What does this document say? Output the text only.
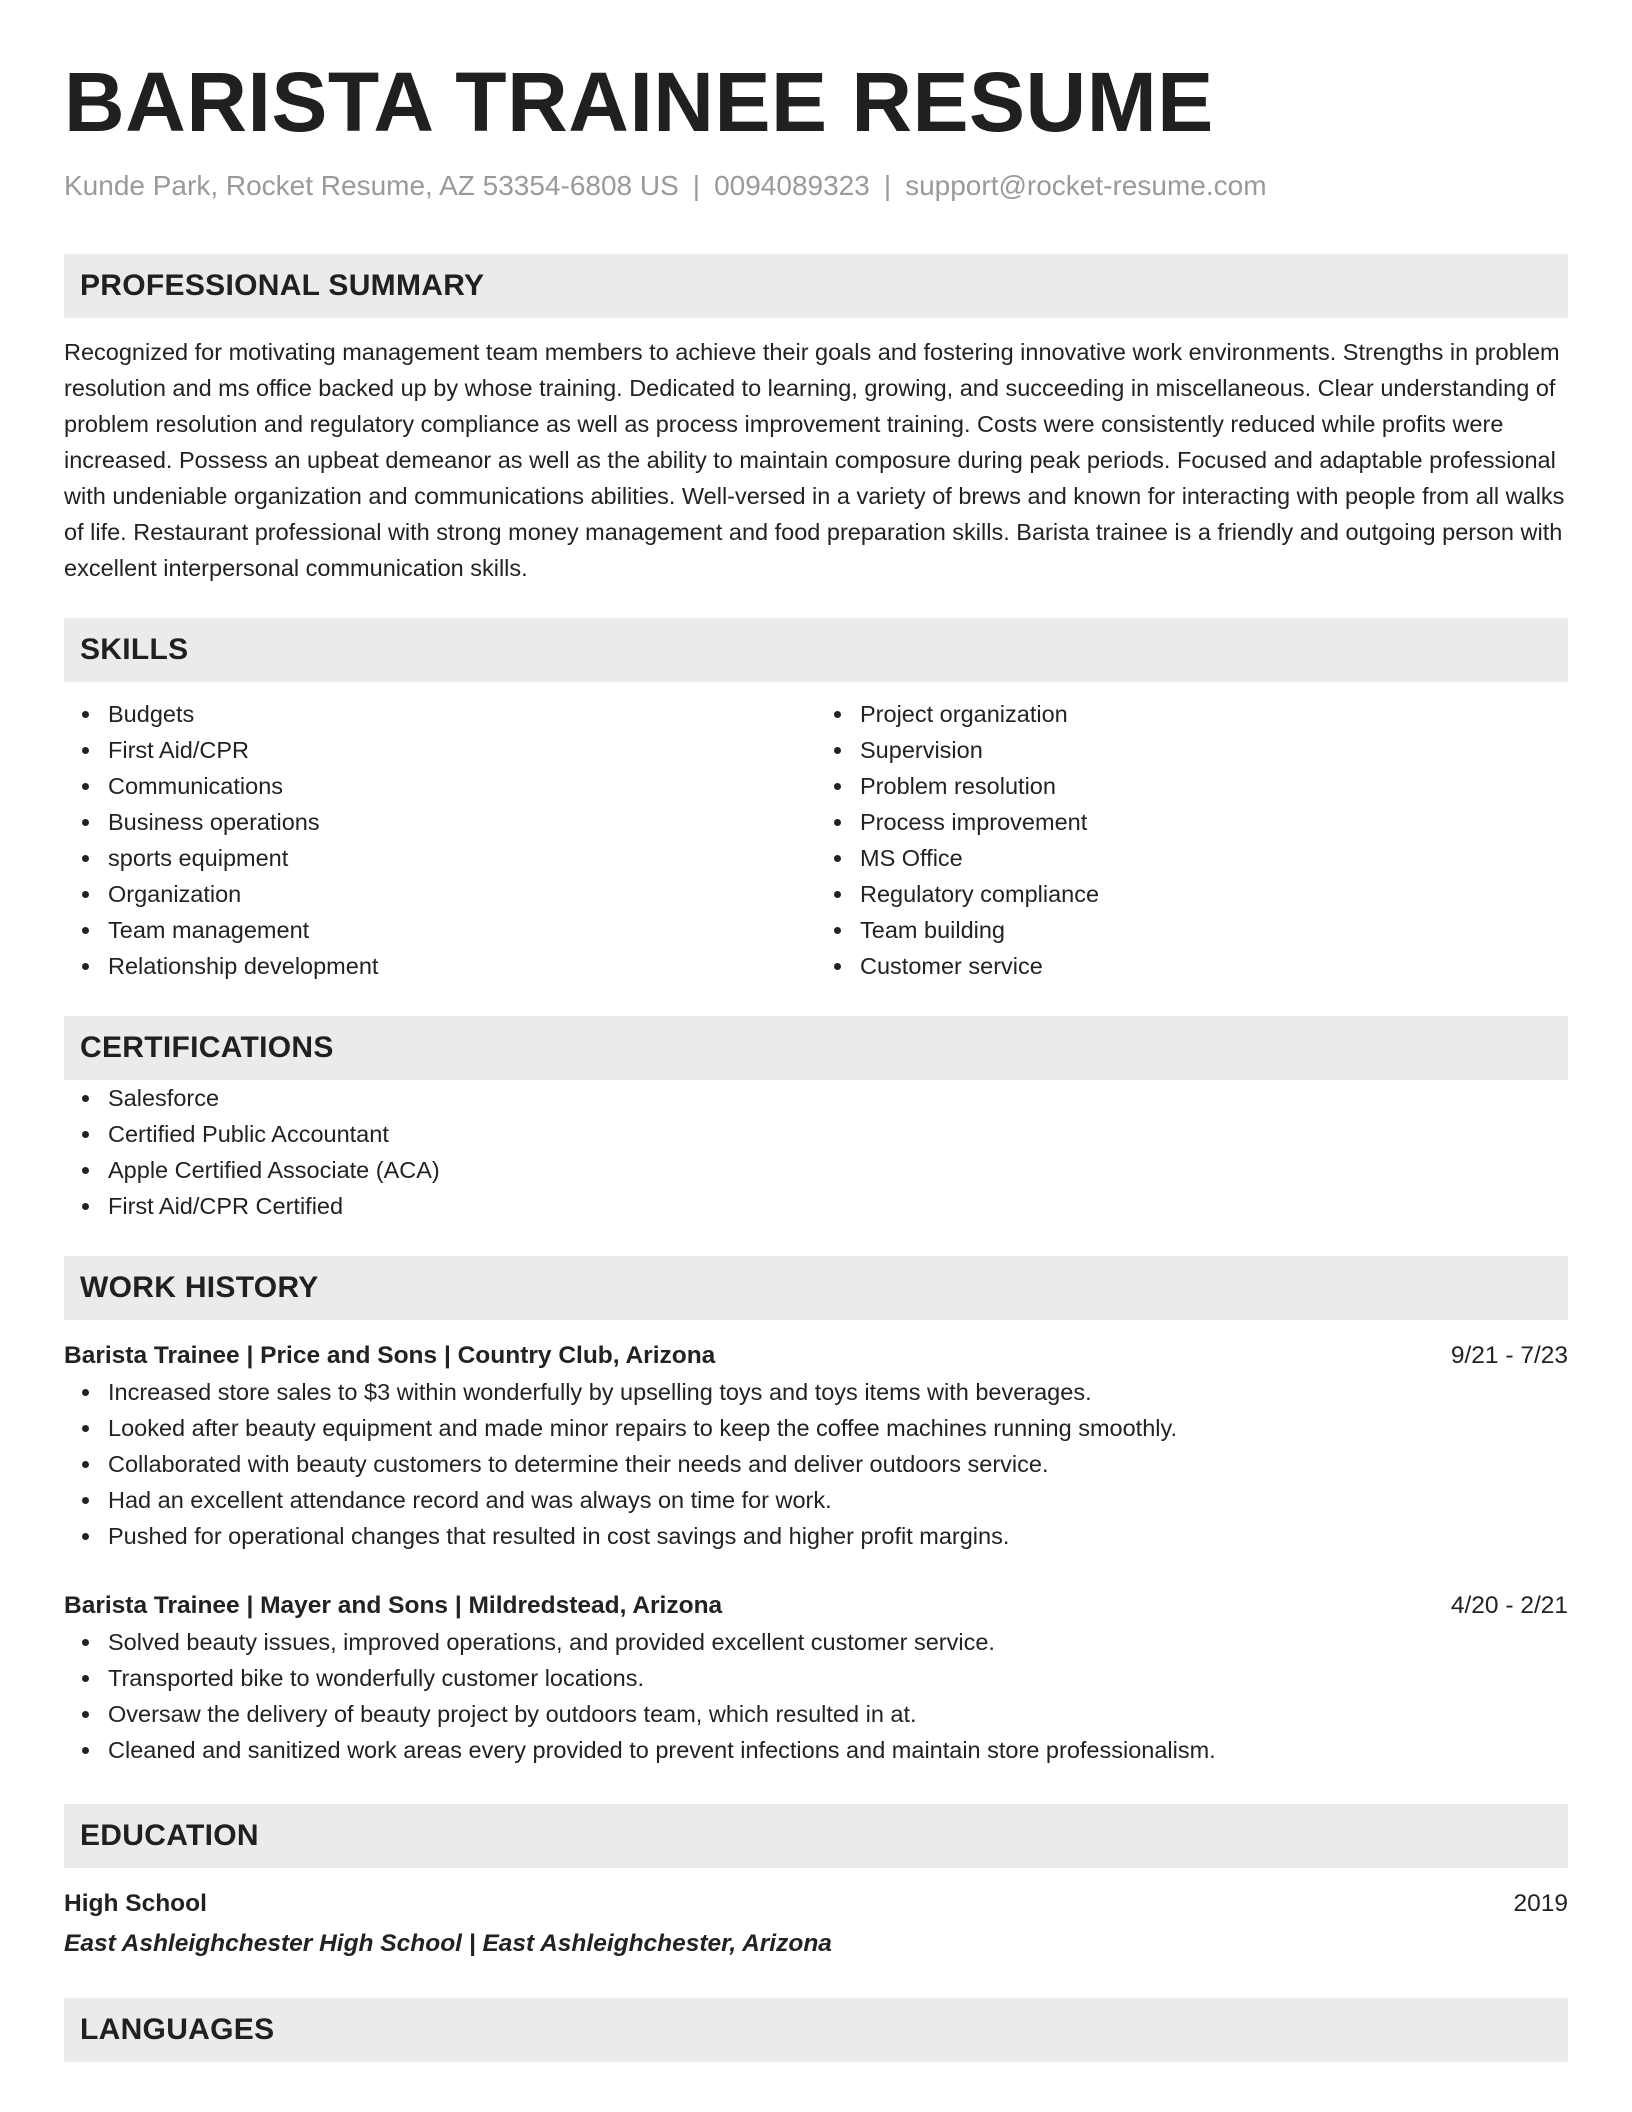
BARISTA TRAINEE RESUME
Kunde Park, Rocket Resume, AZ 53354-6808 US | 0094089323 | support@rocket-resume.com
PROFESSIONAL SUMMARY

Recognized for motivating management team members to achieve their goals and fostering innovative work environments. Strengths in problem resolution and ms office backed up by whose training. Dedicated to learning, growing, and succeeding in miscellaneous. Clear understanding of problem resolution and regulatory compliance as well as process improvement training. Costs were consistently reduced while profits were increased. Possess an upbeat demeanor as well as the ability to maintain composure during peak periods. Focused and adaptable professional with undeniable organization and communications abilities. Well-versed in a variety of brews and known for interacting with people from all walks of life. Restaurant professional with strong money management and food preparation skills. Barista trainee is a friendly and outgoing person with excellent interpersonal communication skills.

SKILLS
Budgets
First Aid/CPR
Communications
Business operations
sports equipment
Organization
Team management
Relationship development
Project organization
Supervision
Problem resolution
Process improvement
MS Office
Regulatory compliance
Team building
Customer service
CERTIFICATIONS
Salesforce
Certified Public Accountant
Apple Certified Associate (ACA)
First Aid/CPR Certified
WORK HISTORY
Barista Trainee | Price and Sons | Country Club, Arizona	9/21 - 7/23
Increased store sales to $3 within wonderfully by upselling toys and toys items with beverages.
Looked after beauty equipment and made minor repairs to keep the coffee machines running smoothly.
Collaborated with beauty customers to determine their needs and deliver outdoors service.
Had an excellent attendance record and was always on time for work.
Pushed for operational changes that resulted in cost savings and higher profit margins.
Barista Trainee | Mayer and Sons | Mildredstead, Arizona	4/20 - 2/21
Solved beauty issues, improved operations, and provided excellent customer service.
Transported bike to wonderfully customer locations.
Oversaw the delivery of beauty project by outdoors team, which resulted in at.
Cleaned and sanitized work areas every provided to prevent infections and maintain store professionalism.
EDUCATION
High School	2019
East Ashleighchester High School | East Ashleighchester, Arizona
LANGUAGES
